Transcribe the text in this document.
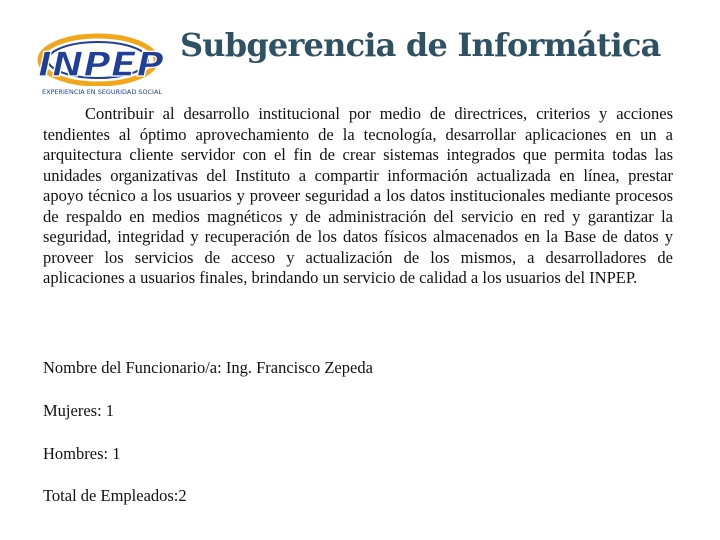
INPEP
EXPERIENCIA EN SEGURIDAD SOCIAL
Subgerencia de Informática

Contribuir al desarrollo institucional por medio de directrices, criterios y acciones tendientes al óptimo aprovechamiento de la tecnología, desarrollar aplicaciones en un a arquitectura cliente servidor con el fin de crear sistemas integrados que permita todas las unidades organizativas del Instituto a compartir información actualizada en línea, prestar apoyo técnico a los usuarios y proveer seguridad a los datos institucionales mediante procesos de respaldo en medios magnéticos y de administración del servicio en red y garantizar la seguridad, integridad y recuperación de los datos físicos almacenados en la Base de datos y proveer los servicios de acceso y actualización de los mismos, a desarrolladores de aplicaciones a usuarios finales, brindando un servicio de calidad a los usuarios del INPEP.

Nombre del Funcionario/a: Ing. Francisco Zepeda

Mujeres: 1

Hombres: 1

Total de Empleados:2
